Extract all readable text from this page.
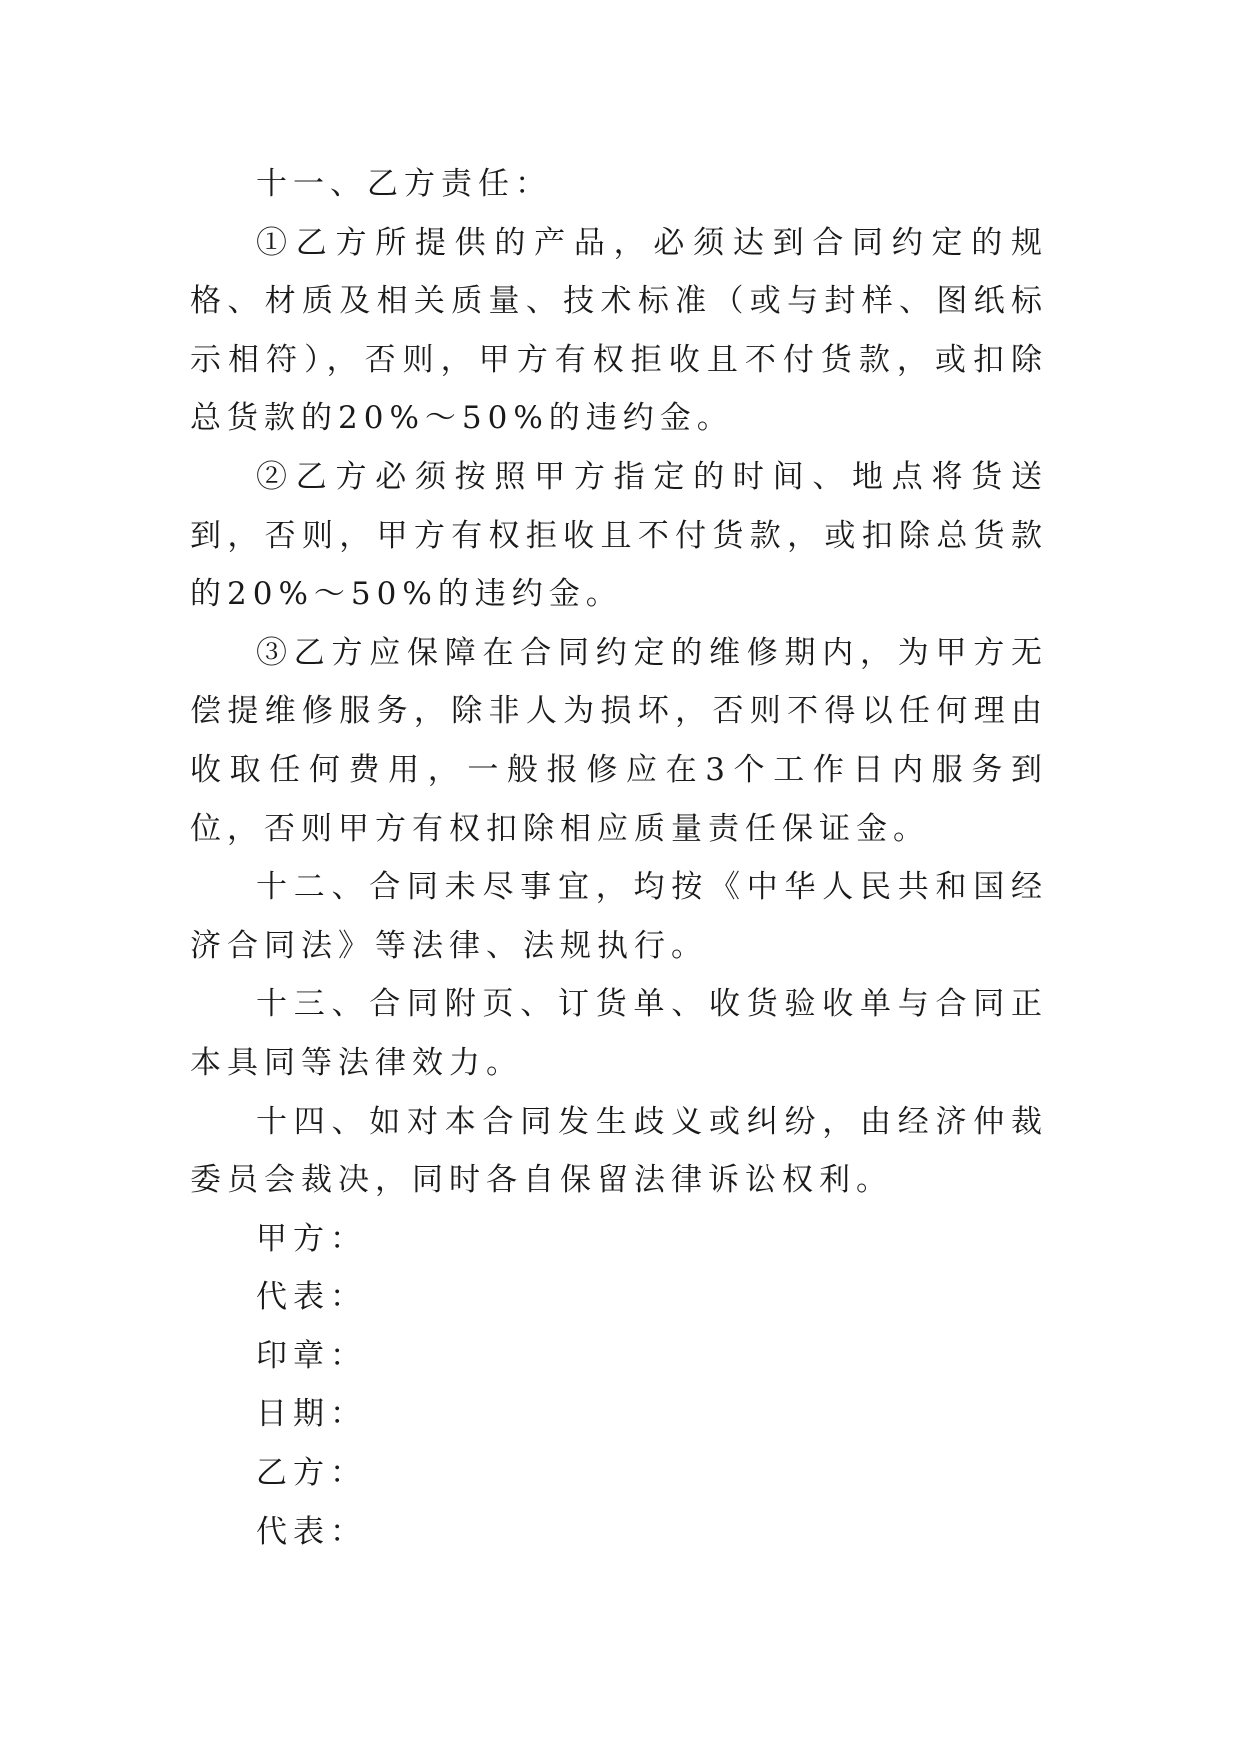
十一、乙方责任：

①乙方所提供的产品，必须达到合同约定的规格、材质及相关质量、技术标准（或与封样、图纸标示相符），否则，甲方有权拒收且不付货款，或扣除总货款的20%～50%的违约金。

②乙方必须按照甲方指定的时间、地点将货送到，否则，甲方有权拒收且不付货款，或扣除总货款的20%～50%的违约金。

③乙方应保障在合同约定的维修期内，为甲方无偿提维修服务，除非人为损坏，否则不得以任何理由收取任何费用，一般报修应在3个工作日内服务到位，否则甲方有权扣除相应质量责任保证金。

十二、合同未尽事宜，均按《中华人民共和国经济合同法》等法律、法规执行。

十三、合同附页、订货单、收货验收单与合同正本具同等法律效力。

十四、如对本合同发生歧义或纠纷，由经济仲裁委员会裁决，同时各自保留法律诉讼权利。

甲方：

代表：

印章：

日期：

乙方：

代表：
